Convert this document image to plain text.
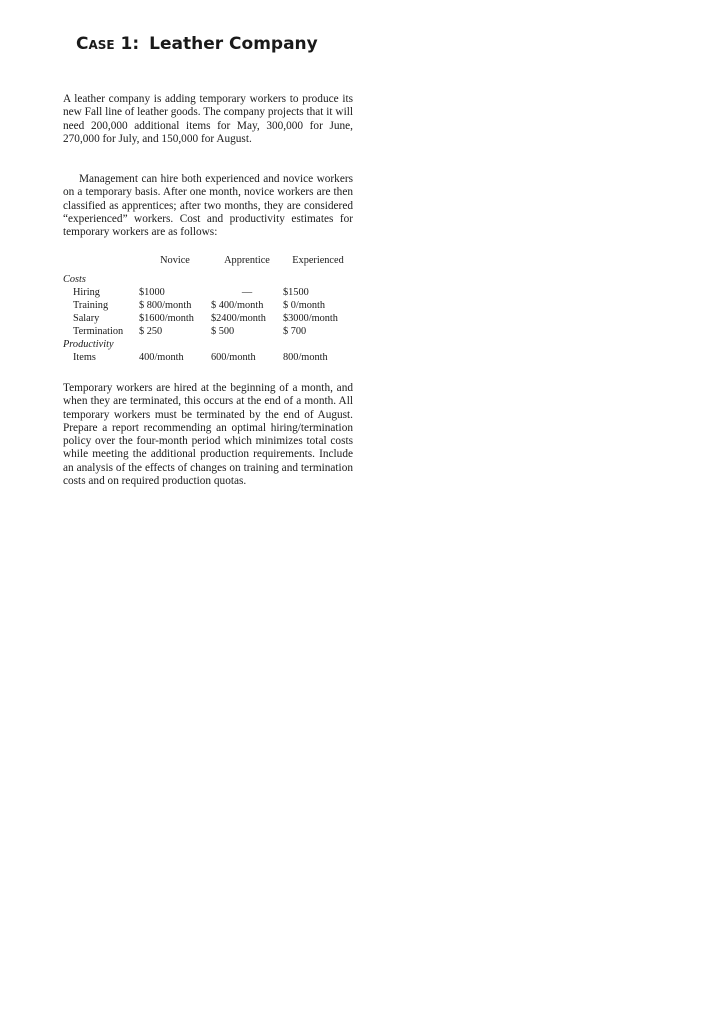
Case 1: Leather Company

A leather company is adding temporary workers to produce its new Fall line of leather goods. The company projects that it will need 200,000 additional items for May, 300,000 for June, 270,000 for July, and 150,000 for August.

Management can hire both experienced and novice workers on a temporary basis. After one month, novice workers are then classified as apprentices; after two months, they are considered “experienced” workers. Cost and productivity estimates for temporary workers are as follows:

	Novice	Apprentice	Experienced
Costs			
Hiring	$1000	—	$1500
Training	$ 800/month	$ 400/month	$ 0/month
Salary	$1600/month	$2400/month	$3000/month
Termination	$ 250	$ 500	$ 700
Productivity			
Items	400/month	600/month	800/month

Temporary workers are hired at the beginning of a month, and when they are terminated, this occurs at the end of a month. All temporary workers must be terminated by the end of August. Prepare a report recommending an optimal hiring/termination policy over the four-month period which minimizes total costs while meeting the additional production requirements. Include an analysis of the effects of changes on training and termination costs and on required production quotas.
